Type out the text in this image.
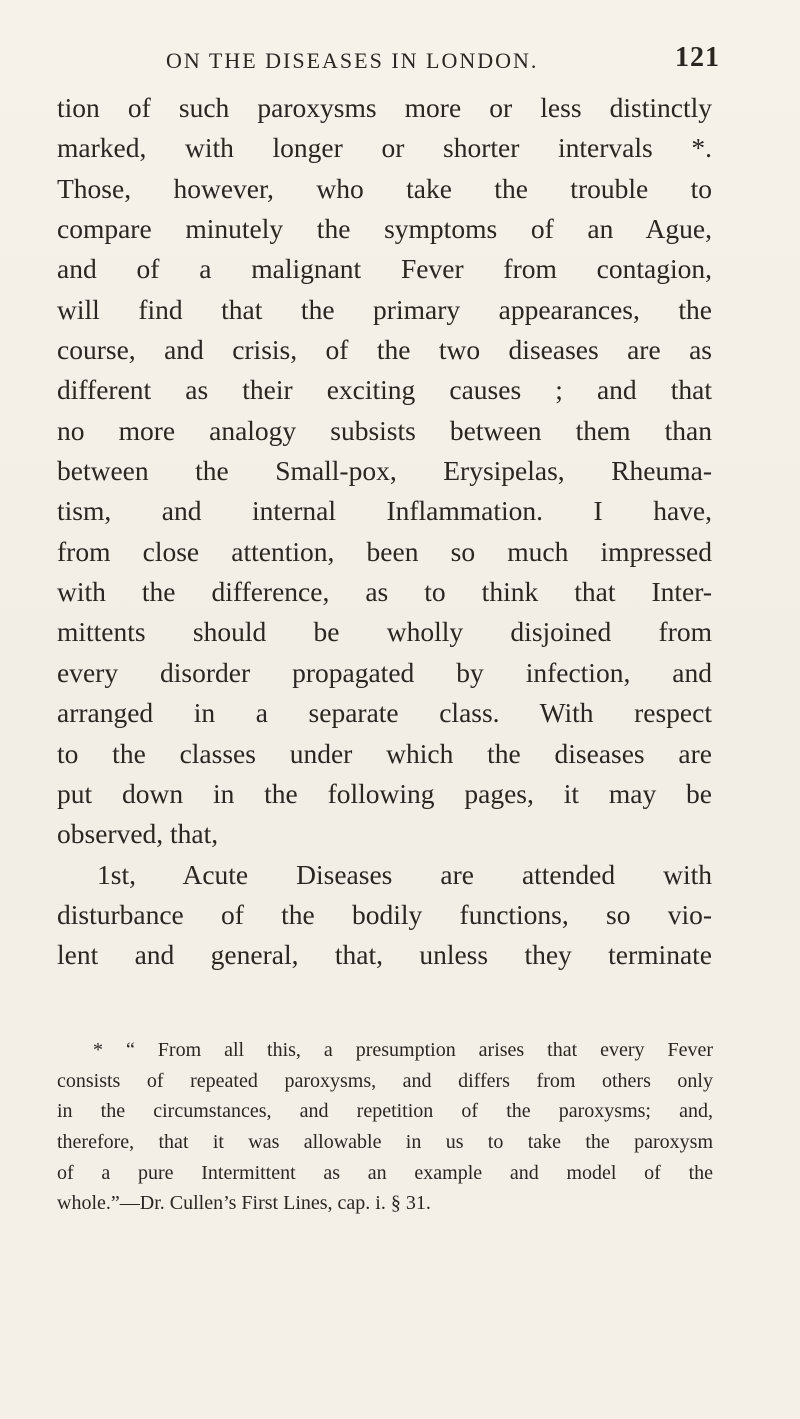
ON THE DISEASES IN LONDON.	121
tion of such paroxysms more or less distinctly
marked, with longer or shorter intervals *.
Those, however, who take the trouble to
compare minutely the symptoms of an Ague,
and of a malignant Fever from contagion,
will find that the primary appearances, the
course, and crisis, of the two diseases are as
different as their exciting causes ; and that
no more analogy subsists between them than
between the Small-pox, Erysipelas, Rheuma-
tism, and internal Inflammation. I have,
from close attention, been so much impressed
with the difference, as to think that Inter-
mittents should be wholly disjoined from
every disorder propagated by infection, and
arranged in a separate class. With respect
to the classes under which the diseases are
put down in the following pages, it may be
observed, that,
1st, Acute Diseases are attended with
disturbance of the bodily functions, so vio-
lent and general, that, unless they terminate
* “ From all this, a presumption arises that every Fever
consists of repeated paroxysms, and differs from others only
in the circumstances, and repetition of the paroxysms; and,
therefore, that it was allowable in us to take the paroxysm
of a pure Intermittent as an example and model of the
whole.”—Dr. Cullen’s First Lines, cap. i. § 31.
